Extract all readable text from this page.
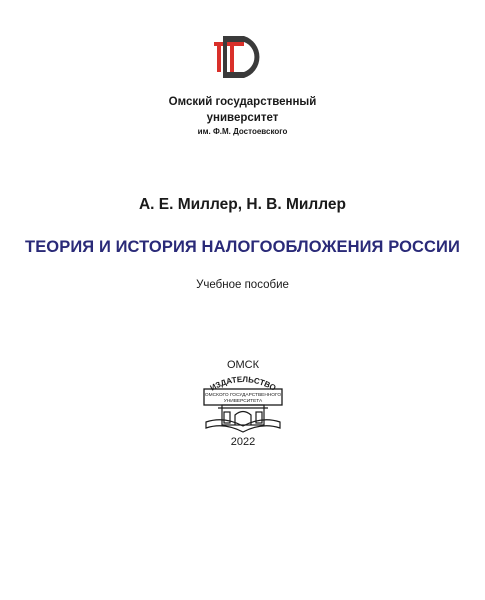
Омский государственный
университет
им. Ф.М. Достоевского
А. Е. Миллер, Н. В. Миллер
ТЕОРИЯ И ИСТОРИЯ НАЛОГООБЛОЖЕНИЯ РОССИИ
Учебное пособие
ОМСК
ИЗДАТЕЛЬСТВО
ОМСКОГО ГОСУДАРСТВЕННОГО
УНИВЕРСИТЕТА
2022
